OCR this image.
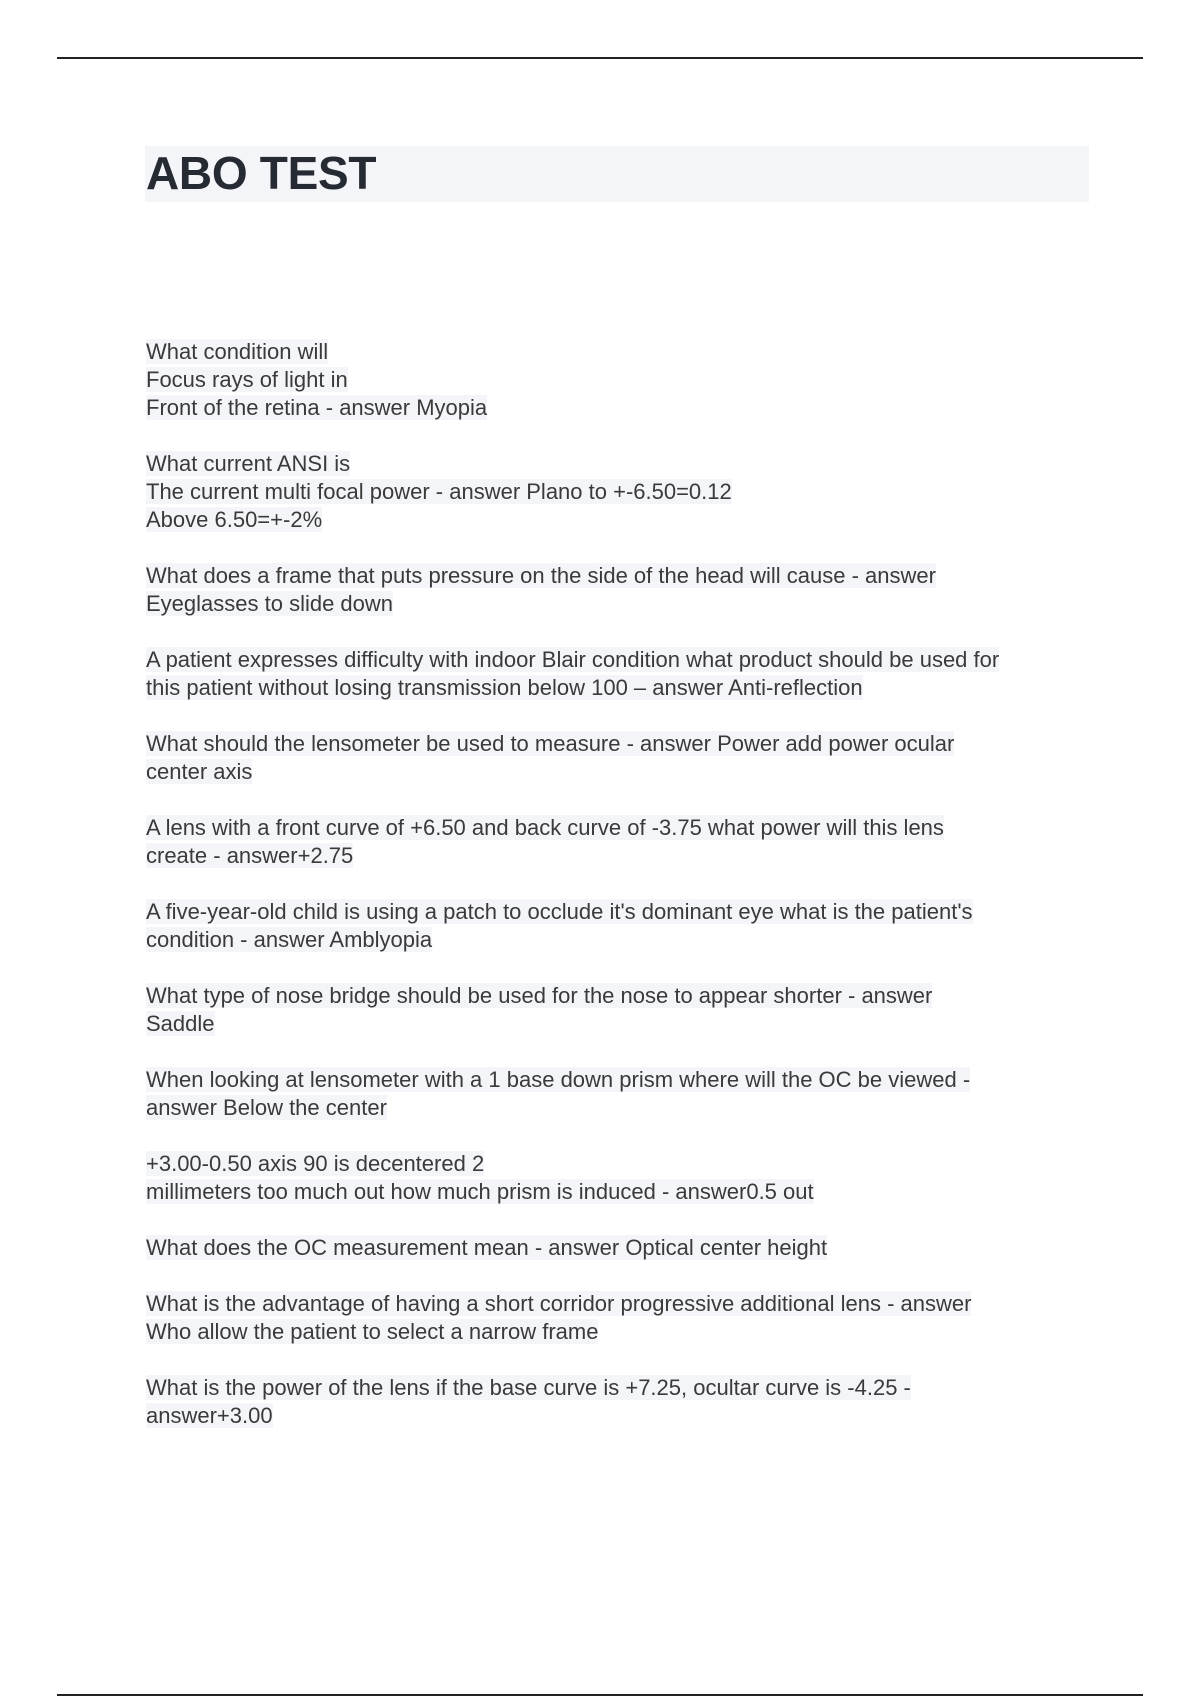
ABO TEST
What condition will
Focus rays of light in
Front of the retina - answer Myopia
What current ANSI is
The current multi focal power - answer Plano to +-6.50=0.12
Above 6.50=+-2%
What does a frame that puts pressure on the side of the head will cause - answer
Eyeglasses to slide down
A patient expresses difficulty with indoor Blair condition what product should be used for
this patient without losing transmission below 100 – answer Anti-reflection
What should the lensometer be used to measure - answer Power add power ocular
center axis
A lens with a front curve of +6.50 and back curve of -3.75 what power will this lens
create - answer+2.75
A five-year-old child is using a patch to occlude it's dominant eye what is the patient's
condition - answer Amblyopia
What type of nose bridge should be used for the nose to appear shorter - answer
Saddle
When looking at lensometer with a 1 base down prism where will the OC be viewed -
answer Below the center
+3.00-0.50 axis 90 is decentered 2
millimeters too much out how much prism is induced - answer0.5 out
What does the OC measurement mean - answer Optical center height
What is the advantage of having a short corridor progressive additional lens - answer
Who allow the patient to select a narrow frame
What is the power of the lens if the base curve is +7.25, ocultar curve is -4.25 -
answer+3.00
